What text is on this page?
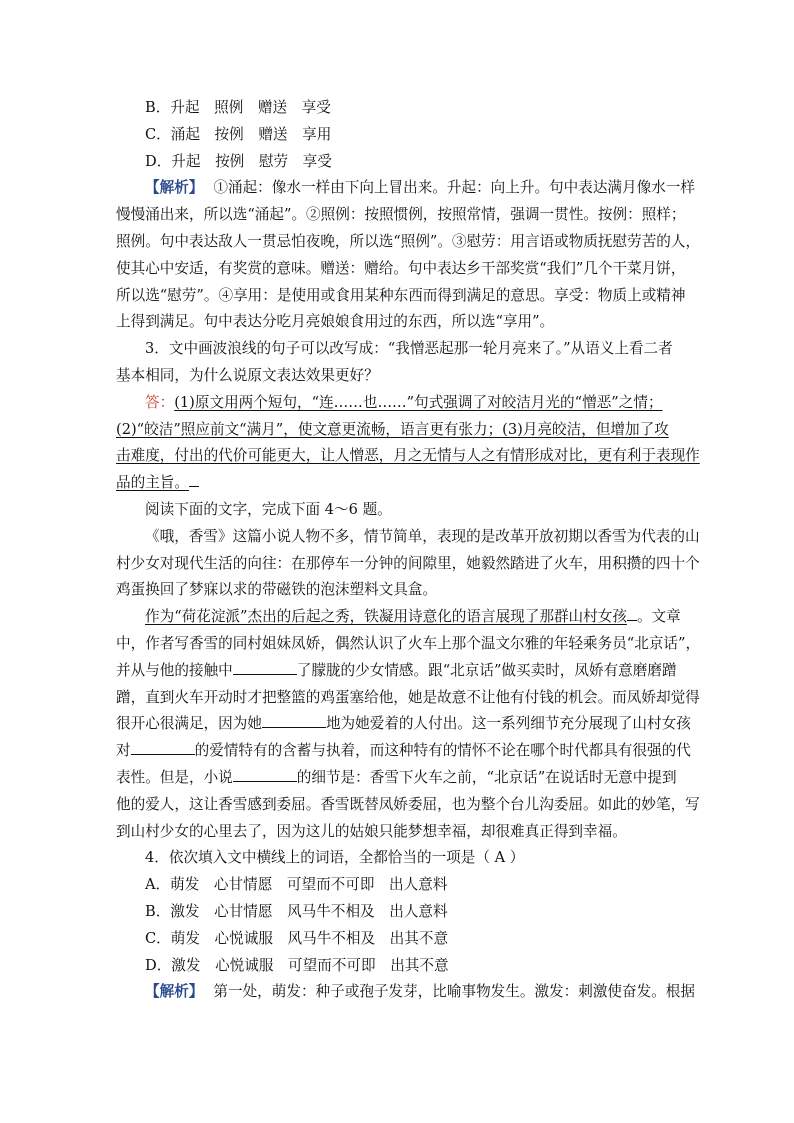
B．升起　照例　赠送　享受
C．涌起　按例　赠送　享用
D．升起　按例　慰劳　享受
【解析】 ①涌起：像水一样由下向上冒出来。升起：向上升。句中表达满月像水一样
慢慢涌出来，所以选“涌起”。②照例：按照惯例，按照常情，强调一贯性。按例：照样；
照例。句中表达敌人一贯忌怕夜晚，所以选“照例”。③慰劳：用言语或物质抚慰劳苦的人，
使其心中安适，有奖赏的意味。赠送：赠给。句中表达乡干部奖赏“我们”几个干菜月饼，
所以选“慰劳”。④享用：是使用或食用某种东西而得到满足的意思。享受：物质上或精神
上得到满足。句中表达分吃月亮娘娘食用过的东西，所以选“享用”。
3．文中画波浪线的句子可以改写成：“我憎恶起那一轮月亮来了。”从语义上看二者
基本相同，为什么说原文表达效果更好？
答：(1)原文用两个短句，“连……也……”句式强调了对皎洁月光的“憎恶”之情；
(2)“皎洁”照应前文“满月”，使文意更流畅，语言更有张力；(3)月亮皎洁，但增加了攻
击难度，付出的代价可能更大，让人憎恶，月之无情与人之有情形成对比，更有利于表现作
品的主旨。
阅读下面的文字，完成下面 4～6 题。
《哦，香雪》这篇小说人物不多，情节简单，表现的是改革开放初期以香雪为代表的山
村少女对现代生活的向往：在那停车一分钟的间隙里，她毅然踏进了火车，用积攒的四十个
鸡蛋换回了梦寐以求的带磁铁的泡沫塑料文具盒。
作为“荷花淀派”杰出的后起之秀，铁凝用诗意化的语言展现了那群山村女孩 。文章
中，作者写香雪的同村姐妹凤娇，偶然认识了火车上那个温文尔雅的年轻乘务员“北京话”，
并从与他的接触中	了朦胧的少女情感。跟“北京话”做买卖时，凤娇有意磨磨蹭
蹭，直到火车开动时才把整篮的鸡蛋塞给他，她是故意不让他有付钱的机会。而凤娇却觉得
很开心很满足，因为她	地为她爱着的人付出。这一系列细节充分展现了山村女孩
对	的爱情特有的含蓄与执着，而这种特有的情怀不论在哪个时代都具有很强的代
表性。但是，小说	的细节是：香雪下火车之前，“北京话”在说话时无意中提到
他的爱人，这让香雪感到委屈。香雪既替凤娇委屈，也为整个台儿沟委屈。如此的妙笔，写
到山村少女的心里去了，因为这儿的姑娘只能梦想幸福，却很难真正得到幸福。
4．依次填入文中横线上的词语，全都恰当的一项是（ A ）
A．萌发　心甘情愿　可望而不可即　出人意料
B．激发　心甘情愿　风马牛不相及　出人意料
C．萌发　心悦诚服　风马牛不相及　出其不意
D．激发　心悦诚服　可望而不可即　出其不意
【解析】 第一处，萌发：种子或孢子发芽，比喻事物发生。激发：刺激使奋发。根据
